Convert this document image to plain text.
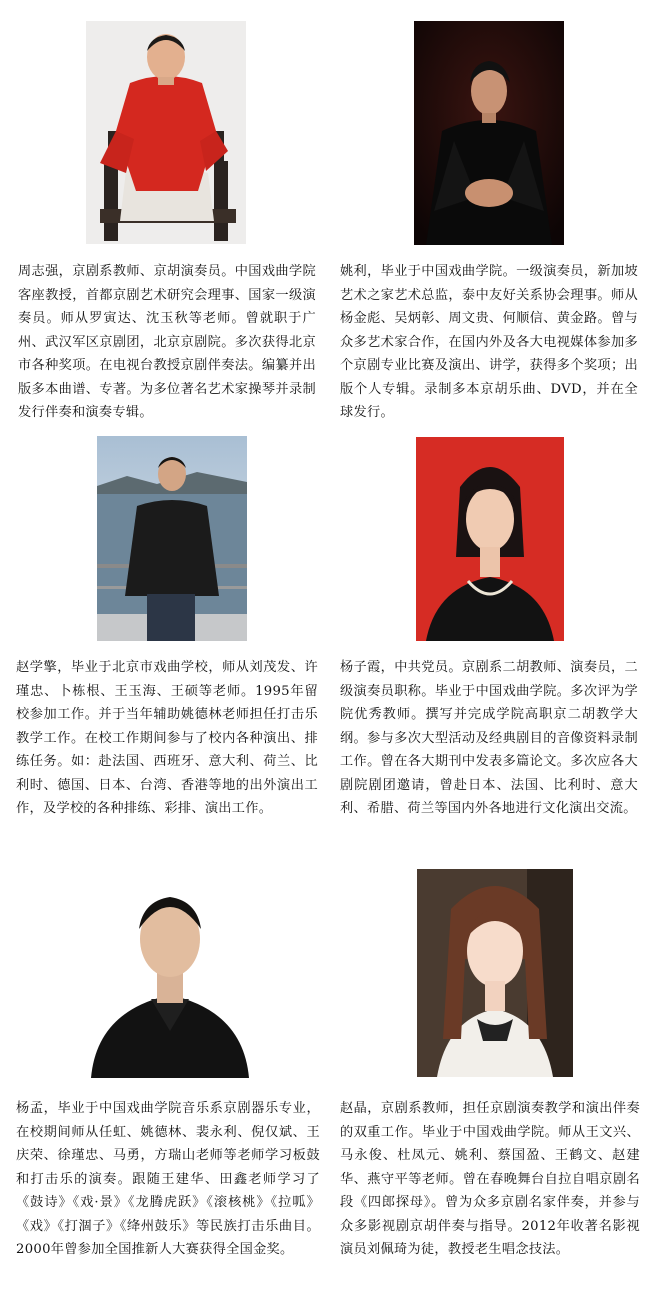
周志强，京剧系教师、京胡演奏员。中国戏曲学院客座教授，首都京剧艺术研究会理事、国家一级演奏员。师从罗寅达、沈玉秋等老师。曾就职于广州、武汉军区京剧团，北京京剧院。多次获得北京市各种奖项。在电视台教授京剧伴奏法。编纂并出版多本曲谱、专著。为多位著名艺术家操琴并录制发行伴奏和演奏专辑。

姚利，毕业于中国戏曲学院。一级演奏员，新加坡艺术之家艺术总监，泰中友好关系协会理事。师从杨金彪、吴炳彰、周文贵、何顺信、黄金路。曾与众多艺术家合作，在国内外及各大电视媒体参加多个京剧专业比赛及演出、讲学，获得多个奖项；出版个人专辑。录制多本京胡乐曲、DVD，并在全球发行。

赵学擎，毕业于北京市戏曲学校，师从刘茂发、许瑾忠、卜栋根、王玉海、王硕等老师。1995年留校参加工作。并于当年辅助姚德林老师担任打击乐教学工作。在校工作期间参与了校内各种演出、排练任务。如：赴法国、西班牙、意大利、荷兰、比利时、德国、日本、台湾、香港等地的出外演出工作，及学校的各种排练、彩排、演出工作。

杨子霞，中共党员。京剧系二胡教师、演奏员，二级演奏员职称。毕业于中国戏曲学院。多次评为学院优秀教师。撰写并完成学院高职京二胡教学大纲。参与多次大型活动及经典剧目的音像资料录制工作。曾在各大期刊中发表多篇论文。多次应各大剧院剧团邀请，曾赴日本、法国、比利时、意大利、希腊、荷兰等国内外各地进行文化演出交流。

杨孟，毕业于中国戏曲学院音乐系京剧器乐专业，在校期间师从任虹、姚德林、裴永利、倪仅斌、王庆荣、徐瑾忠、马勇，方瑞山老师等老师学习板鼓和打击乐的演奏。跟随王建华、田鑫老师学习了《鼓诗》《戏·景》《龙腾虎跃》《滚核桃》《拉呱》《戏》《打涸子》《绛州鼓乐》等民族打击乐曲目。2000年曾参加全国推新人大赛获得全国金奖。

赵晶，京剧系教师，担任京剧演奏教学和演出伴奏的双重工作。毕业于中国戏曲学院。师从王文兴、马永俊、杜凤元、姚利、蔡国盈、王鹤文、赵建华、燕守平等老师。曾在春晚舞台自拉自唱京剧名段《四郎探母》。曾为众多京剧名家伴奏，并参与众多影视剧京胡伴奏与指导。2012年收著名影视演员刘佩琦为徒，教授老生唱念技法。
